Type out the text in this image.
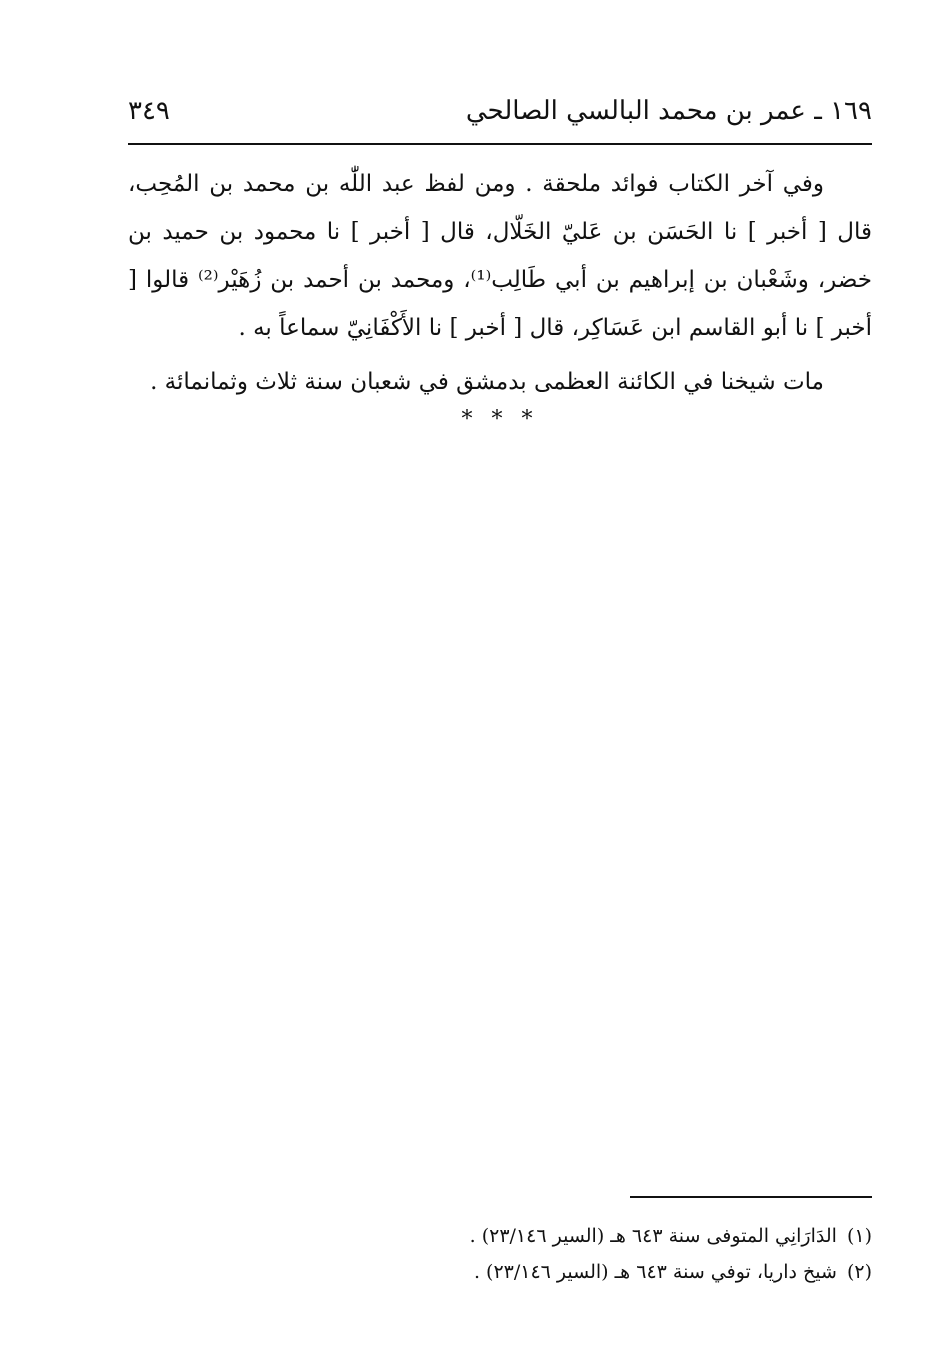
١٦٩ ـ عمر بن محمد البالسي الصالحي
٣٤٩

وفي آخر الكتاب فوائد ملحقة . ومن لفظ عبد اللّٰه بن محمد بن المُحِب، قال [ أخبر ] نا الحَسَن بن عَليّ الخَلّال، قال [ أخبر ] نا محمود بن حميد بن خضر، وشَعْبان بن إبراهيم بن أبي طَالِب⁽¹⁾، ومحمد بن أحمد بن زُهَيْر⁽²⁾ قالوا [ أخبر ] نا أبو القاسم ابن عَسَاكِر، قال [ أخبر ] نا الأَكْفَانِيّ سماعاً به .

مات شيخنا في الكائنة العظمى بدمشق في شعبان سنة ثلاث وثمانمائة .

* * *
(١)الدَارَانِي المتوفى سنة ٦٤٣ هـ (السير ٢٣/١٤٦) .
(٢)شيخ داريا، توفي سنة ٦٤٣ هـ (السير ٢٣/١٤٦) .
